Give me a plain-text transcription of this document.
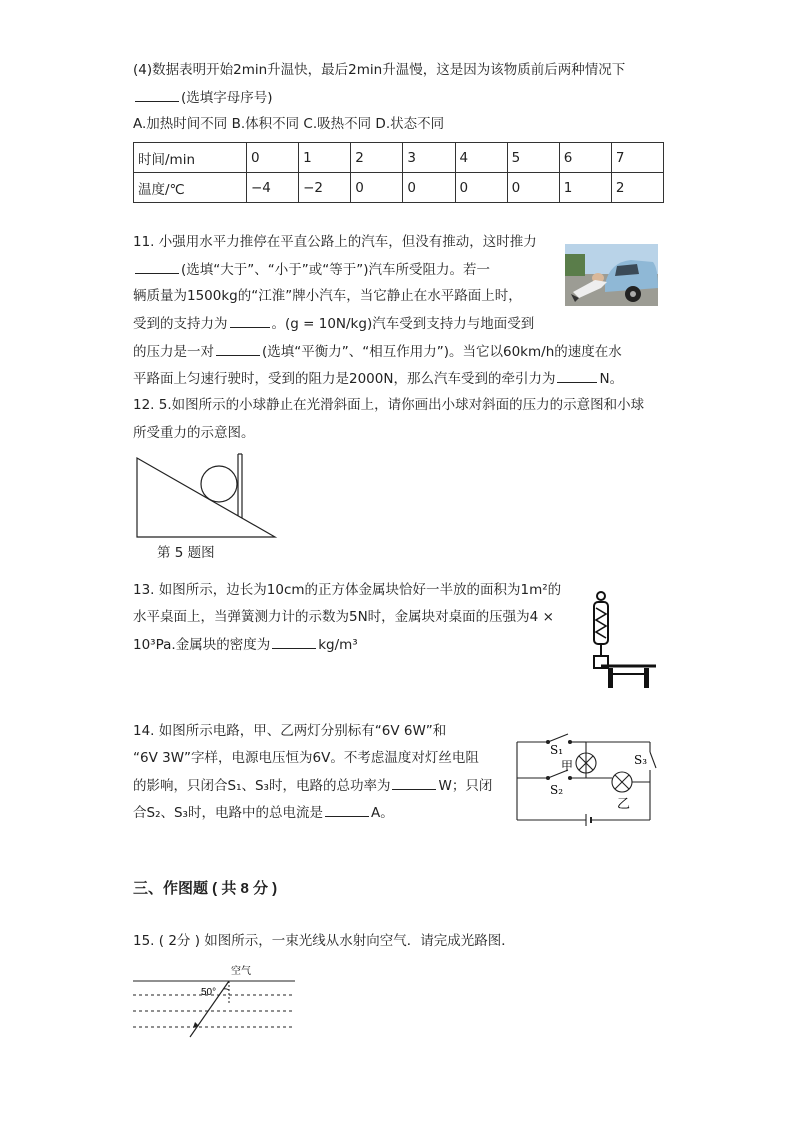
(4)数据表明开始2min升温快，最后2min升温慢，这是因为该物质前后两种情况下
(选填字母序号)
A.加热时间不同 B.体积不同 C.吸热不同 D.状态不同
时间/min	0	1	2	3	4	5	6	7
温度/℃	−4	−2	0	0	0	0	1	2
11. 小强用水平力推停在平直公路上的汽车，但没有推动，这时推力
(选填“大于”、“小于”或“等于”)汽车所受阻力。若一
辆质量为1500kg的“江淮”牌小汽车，当它静止在水平路面上时，
受到的支持力为	。(g = 10N/kg)汽车受到支持力与地面受到
的压力是一对	(选填“平衡力”、“相互作用力”)。当它以60km/h的速度在水
平路面上匀速行驶时，受到的阻力是2000N，那么汽车受到的牵引力为	N。
12. 5.如图所示的小球静止在光滑斜面上，请你画出小球对斜面的压力的示意图和小球
所受重力的示意图。
第 5 题图
13. 如图所示，边长为10cm的正方体金属块恰好一半放的面积为1m²的
水平桌面上，当弹簧测力计的示数为5N时，金属块对桌面的压强为4 ×
10³Pa.金属块的密度为	kg/m³
14. 如图所示电路，甲、乙两灯分别标有“6V 6W”和
“6V 3W”字样，电源电压恒为6V。不考虑温度对灯丝电阻
的影响，只闭合S₁、S₃时，电路的总功率为	W；只闭
合S₂、S₃时，电路中的总电流是	A。
S₁
S₂
S₃
甲
乙
三、作图题 ( 共 8 分 )
15. ( 2分 ) 如图所示，一束光线从水射向空气．请完成光路图．
空气
50°
